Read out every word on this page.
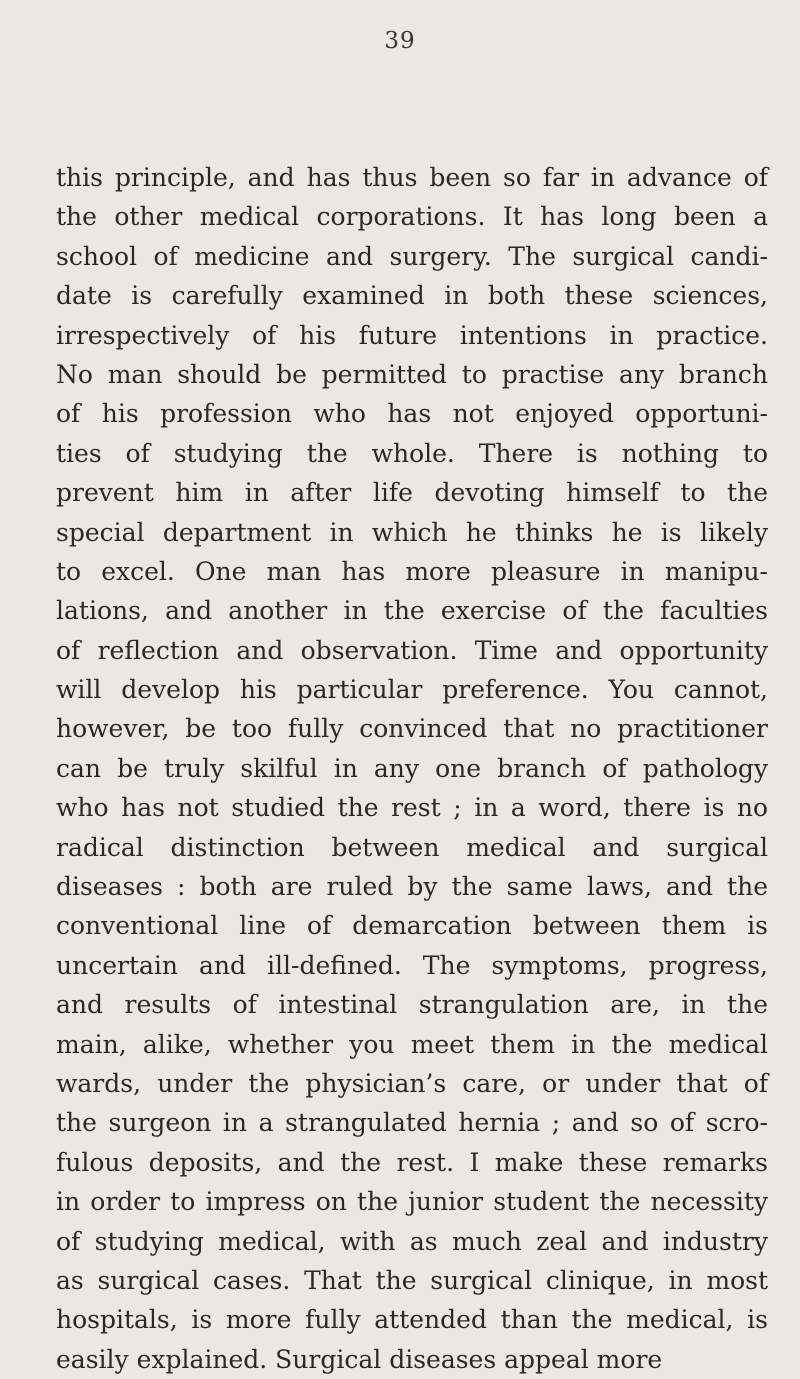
39
this principle, and has thus been so far in advance of
the other medical corporations. It has long been a
school of medicine and surgery. The surgical candi-
date is carefully examined in both these sciences,
irrespectively of his future intentions in practice.
No man should be permitted to practise any branch
of his profession who has not enjoyed opportuni-
ties of studying the whole. There is nothing to
prevent him in after life devoting himself to the
special department in which he thinks he is likely
to excel. One man has more pleasure in manipu-
lations, and another in the exercise of the faculties
of reflection and observation. Time and opportunity
will develop his particular preference. You cannot,
however, be too fully convinced that no practitioner
can be truly skilful in any one branch of pathology
who has not studied the rest ; in a word, there is no
radical distinction between medical and surgical
diseases : both are ruled by the same laws, and the
conventional line of demarcation between them is
uncertain and ill-defined. The symptoms, progress,
and results of intestinal strangulation are, in the
main, alike, whether you meet them in the medical
wards, under the physician’s care, or under that of
the surgeon in a strangulated hernia ; and so of scro-
fulous deposits, and the rest. I make these remarks
in order to impress on the junior student the necessity
of studying medical, with as much zeal and industry
as surgical cases. That the surgical clinique, in most
hospitals, is more fully attended than the medical, is
easily explained. Surgical diseases appeal more
